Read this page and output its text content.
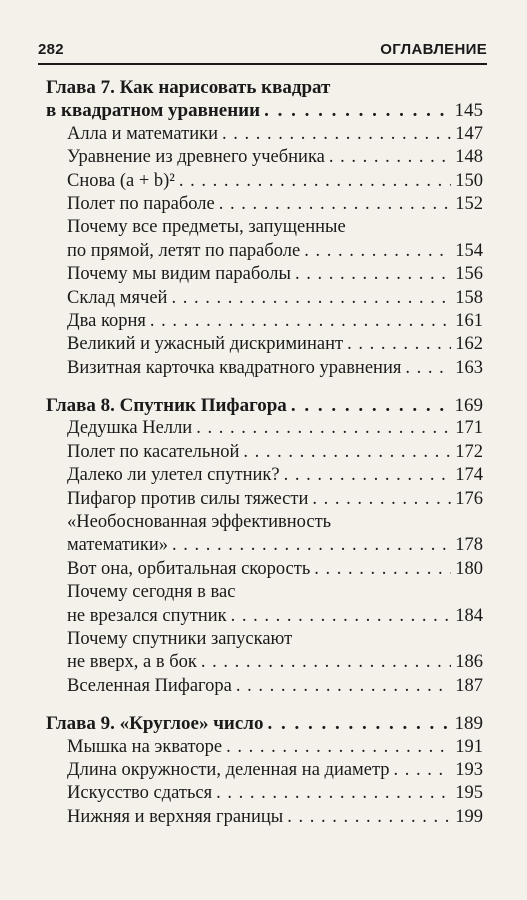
282	ОГЛАВЛЕНИЕ
Глава 7. Как нарисовать квадрат
в квадратном уравнении . . .	145
Алла и математики . . .	147
Уравнение из древнего учебника . . .	148
Снова (a + b)² . . .	150
Полет по параболе . . .	152
Почему все предметы, запущенные
по прямой, летят по параболе . . .	154
Почему мы видим параболы . . .	156
Склад мячей . . .	158
Два корня . . .	161
Великий и ужасный дискриминант . . .	162
Визитная карточка квадратного уравнения . . .	163
Глава 8. Спутник Пифагора . . .	169
Дедушка Нелли . . .	171
Полет по касательной . . .	172
Далеко ли улетел спутник? . . .	174
Пифагор против силы тяжести . . .	176
«Необоснованная эффективность
математики» . . .	178
Вот она, орбитальная скорость . . .	180
Почему сегодня в вас
не врезался спутник . . .	184
Почему спутники запускают
не вверх, а в бок . . .	186
Вселенная Пифагора . . .	187
Глава 9. «Круглое» число . . .	189
Мышка на экваторе . . .	191
Длина окружности, деленная на диаметр . . .	193
Искусство сдаться . . .	195
Нижняя и верхняя границы . . .	199
